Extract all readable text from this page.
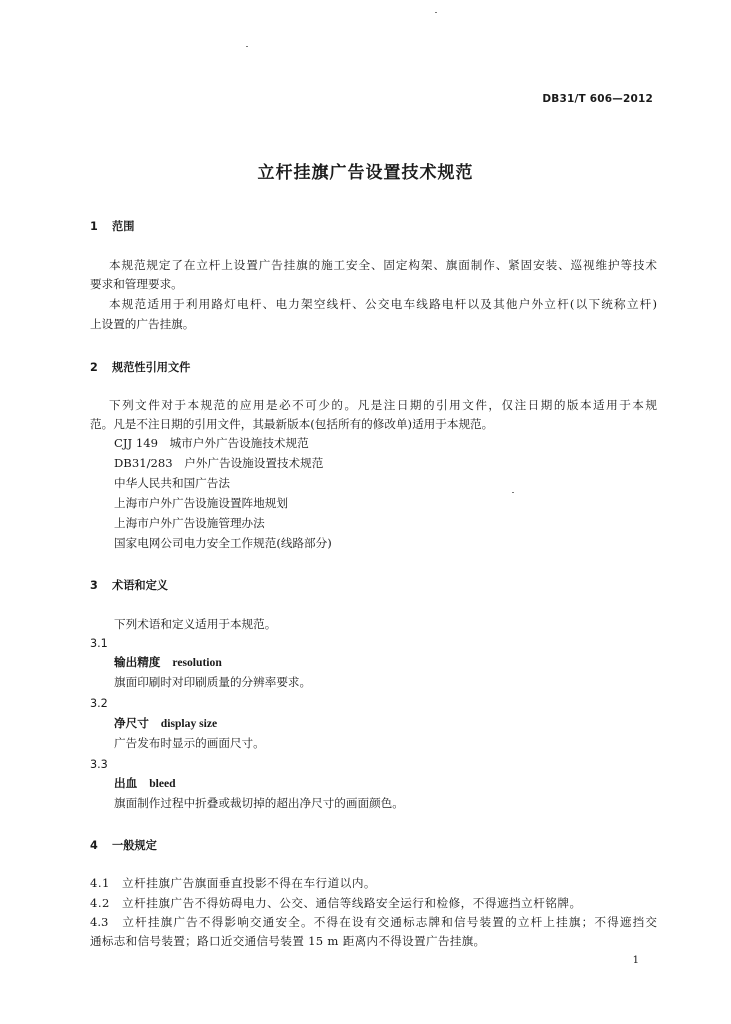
DB31/T 606—2012
立杆挂旗广告设置技术规范
1 范围
本规范规定了在立杆上设置广告挂旗的施工安全、固定构架、旗面制作、紧固安装、巡视维护等技术
要求和管理要求。
本规范适用于利用路灯电杆、电力架空线杆、公交电车线路电杆以及其他户外立杆(以下统称立杆)
上设置的广告挂旗。
2 规范性引用文件
下列文件对于本规范的应用是必不可少的。凡是注日期的引用文件，仅注日期的版本适用于本规
范。凡是不注日期的引用文件，其最新版本(包括所有的修改单)适用于本规范。
CJJ 149　城市户外广告设施技术规范
DB31/283　户外广告设施设置技术规范
中华人民共和国广告法
上海市户外广告设施设置阵地规划
上海市户外广告设施管理办法
国家电网公司电力安全工作规范(线路部分)
3 术语和定义
下列术语和定义适用于本规范。
3.1
输出精度 resolution
旗面印刷时对印刷质量的分辨率要求。
3.2
净尺寸 display size
广告发布时显示的画面尺寸。
3.3
出血 bleed
旗面制作过程中折叠或裁切掉的超出净尺寸的画面颜色。
4 一般规定
4.1　立杆挂旗广告旗面垂直投影不得在车行道以内。
4.2　立杆挂旗广告不得妨碍电力、公交、通信等线路安全运行和检修，不得遮挡立杆铭牌。
4.3　立杆挂旗广告不得影响交通安全。不得在设有交通标志牌和信号装置的立杆上挂旗；不得遮挡交
通标志和信号装置；路口近交通信号装置 15 m 距离内不得设置广告挂旗。
1
